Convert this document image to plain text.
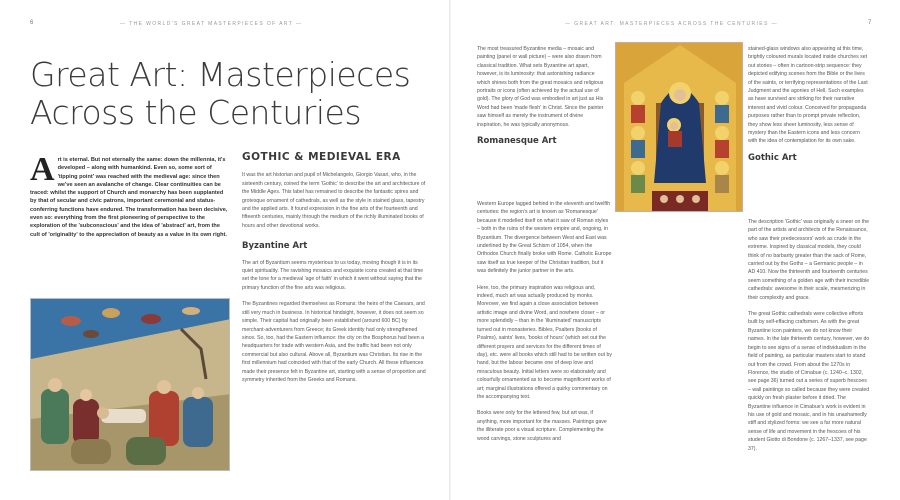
6	— THE WORLD'S GREAT MASTERPIECES OF ART —
Great Art: Masterpieces
Across the Centuries
Art is eternal. But not eternally the same: down the millennia, it's developed – along with humankind. Even so, some sort of 'tipping point' was reached with the medieval age: since then we've seen an avalanche of change. Clear continuities can be traced: whilst the support of Church and monarchy has been supplanted by that of secular and civic patrons, important ceremonial and status-conferring functions have endured. The transformation has been decisive, even so: everything from the first pioneering of perspective to the exploration of the 'subconscious' and the idea of 'abstract' art, from the cult of 'originality' to the appreciation of beauty as a value in its own right.
GOTHIC & MEDIEVAL ERA

It was the art historian and pupil of Michelangelo, Giorgio Vasari, who, in the sixteenth century, coined the term 'Gothic' to describe the art and architecture of the Middle Ages. This label has remained to describe the fantastic spires and grotesque ornament of cathedrals, as well as the style in stained glass, tapestry and the applied arts. It found expression in the fine arts of the fourteenth and fifteenth centuries, mainly through the medium of the richly illuminated books of hours and other devotional works.

Byzantine Art

The art of Byzantium seems mysterious to us today, moving though it is in its quiet spirituality. The ravishing mosaics and exquisite icons created at that time set the tone for a medieval 'age of faith' in which it went without saying that the primary function of the fine arts was religious.

The Byzantines regarded themselves as Romans: the heirs of the Caesars, and still very much in business. In historical hindsight, however, it does not seem so simple. Their capital had originally been established (around 600 BC) by merchant-adventurers from Greece; its Greek identity had only strengthened since. So, too, had the Eastern influence: the city on the Bosphorus had been a headquarters for trade with western Asia, and the traffic had been not only commercial but also cultural. Above all, Byzantium was Christian. Its rise in the first millennium had coincided with that of the early Church. All these influences made their presence felt in Byzantine art, starting with a sense of proportion and symmetry inherited from the Greeks and Romans.

— GREAT ART: MASTERPIECES ACROSS THE CENTURIES —	7

The most treasured Byzantine media – mosaic and painting (panel or wall picture) – were also drawn from classical tradition. What sets Byzantine art apart, however, is its luminosity: that astonishing radiance which shines both from the great mosaics and religious portraits or icons (often achieved by the actual use of gold). The glory of God was embodied in art just as His Word had been 'made flesh' in Christ. Since the painter saw himself as merely the instrument of divine inspiration, he was typically anonymous.

Romanesque Art

Western Europe lagged behind in the eleventh and twelfth centuries: the region's art is known as 'Romanesque' because it modelled itself on what it saw of Roman styles – both in the ruins of the western empire and, ongoing, in Byzantium. The divergence between West and East was underlined by the Great Schism of 1054, when the Orthodox Church finally broke with Rome. Catholic Europe saw itself as true keeper of the Christian tradition, but it was definitely the junior partner in the arts.

Here, too, the primary inspiration was religious and, indeed, much art was actually produced by monks. Moreover, we find again a close association between artistic image and divine Word, and nowhere closer – or more splendidly – than in the 'illuminated' manuscripts turned out in monasteries. Bibles, Psalters (books of Psalms), saints' lives, 'books of hours' (which set out the different prayers and services for the different times of day), etc. were all books which still had to be written out by hand, but the labour became one of deep love and miraculous beauty. Initial letters were so elaborately and colourfully ornamented as to become magnificent works of art; marginal illustrations offered a quirky commentary on the accompanying text.

Books were only for the lettered few, but art was, if anything, more important for the masses. Paintings gave the illiterate poor a visual scripture. Complementing the wood carvings, stone sculptures and

stained-glass windows also appearing at this time, brightly coloured murals located inside churches set out stories – often in cartoon-strip sequence: they depicted edifying scenes from the Bible or the lives of the saints, or terrifying representations of the Last Judgment and the agonies of Hell. Such examples as have survived are striking for their narrative interest and vivid colour. Conceived for propaganda purposes rather than to prompt private reflection, they show less sheer luminosity, less sense of mystery than the Eastern icons and less concern with the idea of contemplation for its own sake.

Gothic Art

The description 'Gothic' was originally a sneer on the part of the artists and architects of the Renaissance, who saw their predecessors' work as crude in the extreme. Inspired by classical models, they could think of no barbarity greater than the sack of Rome, carried out by the Goths – a Germanic people – in AD 410. Now the thirteenth and fourteenth centuries seem something of a golden age with their incredible cathedrals: awesome in their scale, mesmerizing in their complexity and grace.

The great Gothic cathedrals were collective efforts built by self-effacing craftsmen. As with the great Byzantine icon painters, we do not know their names. In the late thirteenth century, however, we do begin to see signs of a sense of individualism in the field of painting, as particular masters start to stand out from the crowd. From about the 1270s in Florence, the studio of Cimabue (c. 1240–c. 1302, see page 36) turned out a series of superb frescoes – wall paintings so called because they were created quickly on fresh plaster before it dried. The Byzantine influence in Cimabue's work is evident in his use of gold and mosaic, and in his unashamedly stiff and stylized forms: we see a far more natural sense of life and movement in the frescoes of his student Giotto di Bondone (c. 1267–1337, see page 37).
